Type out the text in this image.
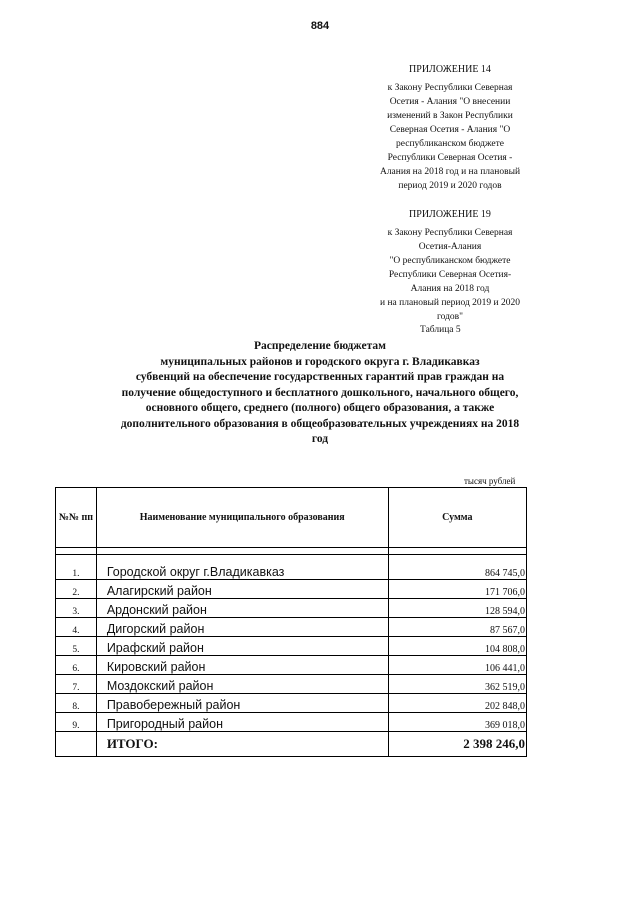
884
ПРИЛОЖЕНИЕ 14
к Закону Республики Северная
Осетия - Алания "О внесении
изменений в Закон Республики
Северная Осетия - Алания "О
республиканском бюджете
Республики Северная Осетия -
Алания на 2018 год и на плановый
период 2019 и 2020 годов
ПРИЛОЖЕНИЕ 19
к Закону Республики Северная
Осетия-Алания
"О республиканском бюджете
Республики Северная Осетия-
Алания на 2018 год
и на плановый период 2019 и 2020
годов"
Таблица 5
Распределение бюджетам
муниципальных районов и городского округа г. Владикавказ
субвенций на обеспечение государственных гарантий прав граждан на
получение общедоступного и бесплатного дошкольного, начального общего,
основного общего, среднего (полного) общего образования, а также
дополнительного образования в общеобразовательных учреждениях на 2018
год
тысяч рублей
№№ пп	Наименование муниципального образования	Сумма

1.	Городской округ г.Владикавказ	864 745,0
2.	Алагирский район	171 706,0
3.	Ардонский район	128 594,0
4.	Дигорский район	87 567,0
5.	Ирафский район	104 808,0
6.	Кировский район	106 441,0
7.	Моздокский район	362 519,0
8.	Правобережный район	202 848,0
9.	Пригородный район	369 018,0
	ИТОГО:	2 398 246,0
